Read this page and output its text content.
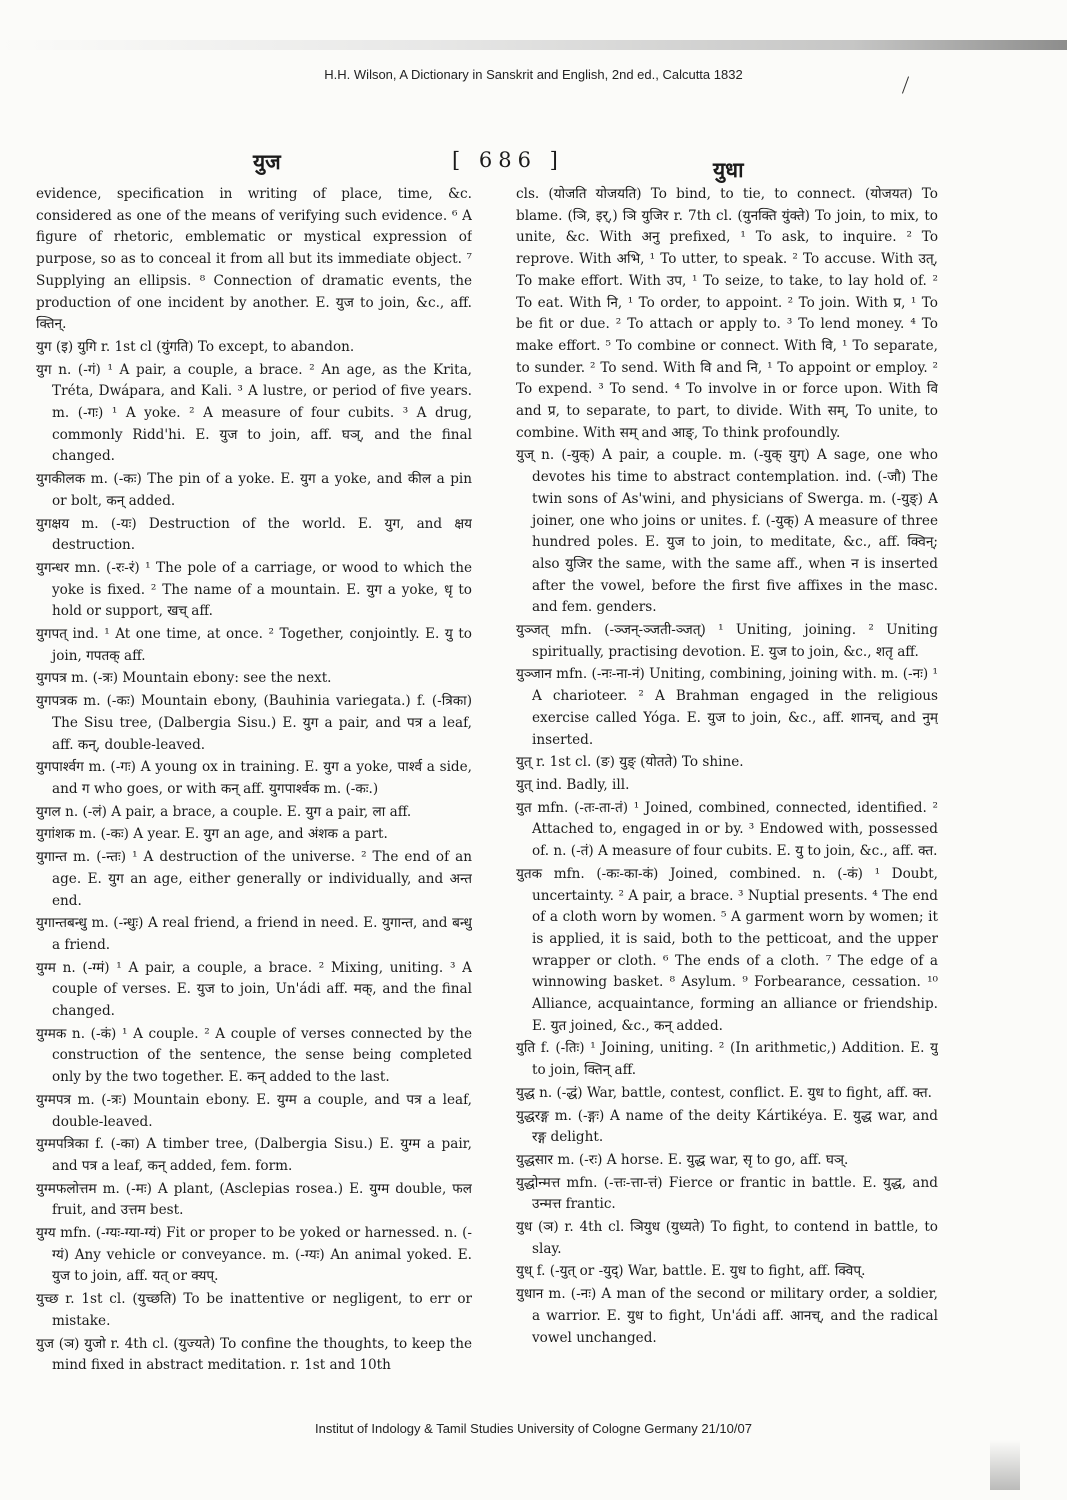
H.H. Wilson, A Dictionary in Sanskrit and English, 2nd ed., Calcutta 1832
युज	[ 686 ]	युधा

evidence, specification in writing of place, time, &c. considered as one of the means of verifying such evidence. ⁶ A figure of rhetoric, emblematic or mystical expression of purpose, so as to conceal it from all but its immediate object. ⁷ Supplying an ellipsis. ⁸ Connection of dramatic events, the production of one incident by another. E. युज to join, &c., aff. क्तिन्.

युग (इ) युगि r. 1st cl (युंगति) To except, to abandon.

युग n. (-गं) ¹ A pair, a couple, a brace. ² An age, as the Krita, Tréta, Dwápara, and Kali. ³ A lustre, or period of five years. m. (-गः) ¹ A yoke. ² A measure of four cubits. ³ A drug, commonly Ridd'hi. E. युज to join, aff. घञ्, and the final changed.

युगकीलक m. (-कः) The pin of a yoke. E. युग a yoke, and कील a pin or bolt, कन् added.

युगक्षय m. (-यः) Destruction of the world. E. युग, and क्षय destruction.

युगन्धर mn. (-रः-रं) ¹ The pole of a carriage, or wood to which the yoke is fixed. ² The name of a mountain. E. युग a yoke, धृ to hold or support, खच् aff.

युगपत् ind. ¹ At one time, at once. ² Together, conjointly. E. यु to join, गपतक् aff.

युगपत्र m. (-त्रः) Mountain ebony: see the next.

युगपत्रक m. (-कः) Mountain ebony, (Bauhinia variegata.) f. (-त्रिका) The Sisu tree, (Dalbergia Sisu.) E. युग a pair, and पत्र a leaf, aff. कन्, double-leaved.

युगपार्श्वग m. (-गः) A young ox in training. E. युग a yoke, पार्श्व a side, and ग who goes, or with कन् aff. युगपार्श्वक m. (-कः.)

युगल n. (-लं) A pair, a brace, a couple. E. युग a pair, ला aff.

युगांशक m. (-कः) A year. E. युग an age, and अंशक a part.

युगान्त m. (-न्तः) ¹ A destruction of the universe. ² The end of an age. E. युग an age, either generally or individually, and अन्त end.

युगान्तबन्धु m. (-न्धुः) A real friend, a friend in need. E. युगान्त, and बन्धु a friend.

युग्म n. (-ग्मं) ¹ A pair, a couple, a brace. ² Mixing, uniting. ³ A couple of verses. E. युज to join, Un'ádi aff. मक्, and the final changed.

युग्मक n. (-कं) ¹ A couple. ² A couple of verses connected by the construction of the sentence, the sense being completed only by the two together. E. कन् added to the last.

युग्मपत्र m. (-त्रः) Mountain ebony. E. युग्म a couple, and पत्र a leaf, double-leaved.

युग्मपत्रिका f. (-का) A timber tree, (Dalbergia Sisu.) E. युग्म a pair, and पत्र a leaf, कन् added, fem. form.

युग्मफलोत्तम m. (-मः) A plant, (Asclepias rosea.) E. युग्म double, फल fruit, and उत्तम best.

युग्य mfn. (-ग्यः-ग्या-ग्यं) Fit or proper to be yoked or harnessed. n. (-ग्यं) Any vehicle or conveyance. m. (-ग्यः) An animal yoked. E. युज to join, aff. यत् or क्यप्.

युच्छ r. 1st cl. (युच्छति) To be inattentive or negligent, to err or mistake.

युज (ञ) युजो r. 4th cl. (युज्यते) To confine the thoughts, to keep the mind fixed in abstract meditation. r. 1st and 10th

cls. (योजति योजयति) To bind, to tie, to connect. (योजयत) To blame. (ञि, इर्,) ञि युजिर r. 7th cl. (युनक्ति युंक्ते) To join, to mix, to unite, &c. With अनु prefixed, ¹ To ask, to inquire. ² To reprove. With अभि, ¹ To utter, to speak. ² To accuse. With उत्, To make effort. With उप, ¹ To seize, to take, to lay hold of. ² To eat. With नि, ¹ To order, to appoint. ² To join. With प्र, ¹ To be fit or due. ² To attach or apply to. ³ To lend money. ⁴ To make effort. ⁵ To combine or connect. With वि, ¹ To separate, to sunder. ² To send. With वि and नि, ¹ To appoint or employ. ² To expend. ³ To send. ⁴ To involve in or force upon. With वि and प्र, to separate, to part, to divide. With सम्, To unite, to combine. With सम् and आङ्, To think profoundly.

युज् n. (-युक्) A pair, a couple. m. (-युक् युग्) A sage, one who devotes his time to abstract contemplation. ind. (-जौ) The twin sons of As'wini, and physicians of Swerga. m. (-युङ्) A joiner, one who joins or unites. f. (-युक्) A measure of three hundred poles. E. युज to join, to meditate, &c., aff. क्विन्; also युजिर the same, with the same aff., when न is inserted after the vowel, before the first five affixes in the masc. and fem. genders.

युञ्जत् mfn. (-ञ्जन्-ञ्जती-ञ्जत्) ¹ Uniting, joining. ² Uniting spiritually, practising devotion. E. युज to join, &c., शतृ aff.

युञ्जान mfn. (-नः-ना-नं) Uniting, combining, joining with. m. (-नः) ¹ A charioteer. ² A Brahman engaged in the religious exercise called Yóga. E. युज to join, &c., aff. शानच्, and नुम् inserted.

युत् r. 1st cl. (ङ) युङ् (योतते) To shine.

युत् ind. Badly, ill.

युत mfn. (-तः-ता-तं) ¹ Joined, combined, connected, identified. ² Attached to, engaged in or by. ³ Endowed with, possessed of. n. (-तं) A measure of four cubits. E. यु to join, &c., aff. क्त.

युतक mfn. (-कः-का-कं) Joined, combined. n. (-कं) ¹ Doubt, uncertainty. ² A pair, a brace. ³ Nuptial presents. ⁴ The end of a cloth worn by women. ⁵ A garment worn by women; it is applied, it is said, both to the petticoat, and the upper wrapper or cloth. ⁶ The ends of a cloth. ⁷ The edge of a winnowing basket. ⁸ Asylum. ⁹ Forbearance, cessation. ¹⁰ Alliance, acquaintance, forming an alliance or friendship. E. युत joined, &c., कन् added.

युति f. (-तिः) ¹ Joining, uniting. ² (In arithmetic,) Addition. E. यु to join, क्तिन् aff.

युद्ध n. (-द्धं) War, battle, contest, conflict. E. युध to fight, aff. क्त.

युद्धरङ्ग m. (-ङ्गः) A name of the deity Kártikéya. E. युद्ध war, and रङ्ग delight.

युद्धसार m. (-रः) A horse. E. युद्ध war, सृ to go, aff. घञ्.

युद्धोन्मत्त mfn. (-त्तः-त्ता-त्तं) Fierce or frantic in battle. E. युद्ध, and उन्मत्त frantic.

युध (ञ) r. 4th cl. ञियुध (युध्यते) To fight, to contend in battle, to slay.

युध् f. (-युत् or -युद्) War, battle. E. युध to fight, aff. क्विप्.

युधान m. (-नः) A man of the second or military order, a soldier, a warrior. E. युध to fight, Un'ádi aff. आनच्, and the radical vowel unchanged.

Institut of Indology & Tamil Studies University of Cologne Germany 21/10/07
